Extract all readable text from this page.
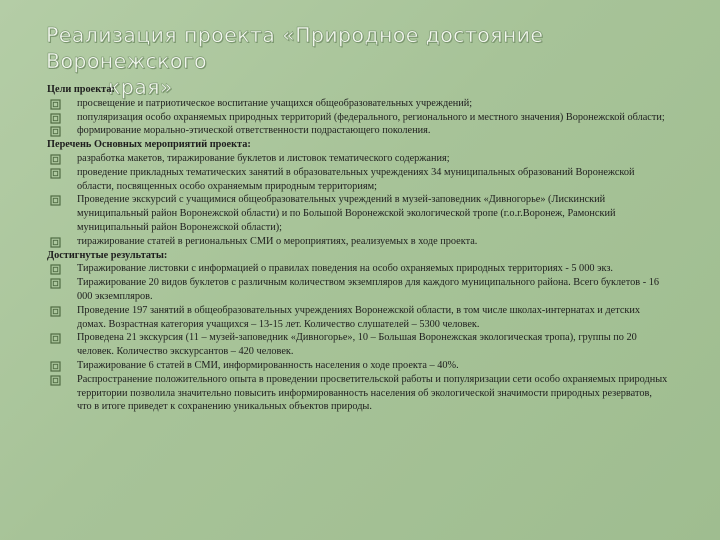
Реализация проекта «Природное достояние Воронежского
края»
Цели проекта:
просвещение и патриотическое воспитание учащихся общеобразовательных учреждений;
популяризация особо охраняемых природных территорий (федерального, регионального и местного значения) Воронежской области;
формирование морально-этической ответственности подрастающего поколения.
Перечень Основных мероприятий проекта:
разработка макетов, тиражирование буклетов и листовок тематического содержания;
проведение прикладных тематических занятий в образовательных учреждениях 34 муниципальных образований Воронежской области, посвященных особо охраняемым природным территориям;
Проведение экскурсий с учащимися общеобразовательных учреждений в музей-заповедник «Дивногорье» (Лискинский муниципальный район Воронежской области) и по Большой Воронежской экологической тропе (г.о.г.Воронеж, Рамонский муниципальный район Воронежской области);
тиражирование статей в региональных СМИ о мероприятиях, реализуемых в ходе проекта.
Достигнутые результаты:
Тиражирование листовки с информацией о правилах поведения на особо охраняемых природных территориях - 5 000 экз.
Тиражирование 20 видов буклетов с различным количеством экземпляров для каждого муниципального района. Всего буклетов - 16 000 экземпляров.
Проведение 197 занятий в общеобразовательных учреждениях Воронежской области, в том числе школах-интернатах и детских домах. Возрастная категория учащихся – 13-15 лет. Количество слушателей – 5300 человек.
Проведена 21 экскурсия (11 – музей-заповедник «Дивногорье», 10 – Большая Воронежская экологическая тропа), группы по 20 человек. Количество экскурсантов – 420 человек.
Тиражирование 6 статей в СМИ, информированность населения о ходе проекта – 40%.
Распространение положительного опыта в проведении просветительской работы и популяризации сети особо охраняемых природных территории позволила значительно повысить информированность населения об экологической значимости природных резерватов, что в итоге приведет к сохранению уникальных объектов природы.
